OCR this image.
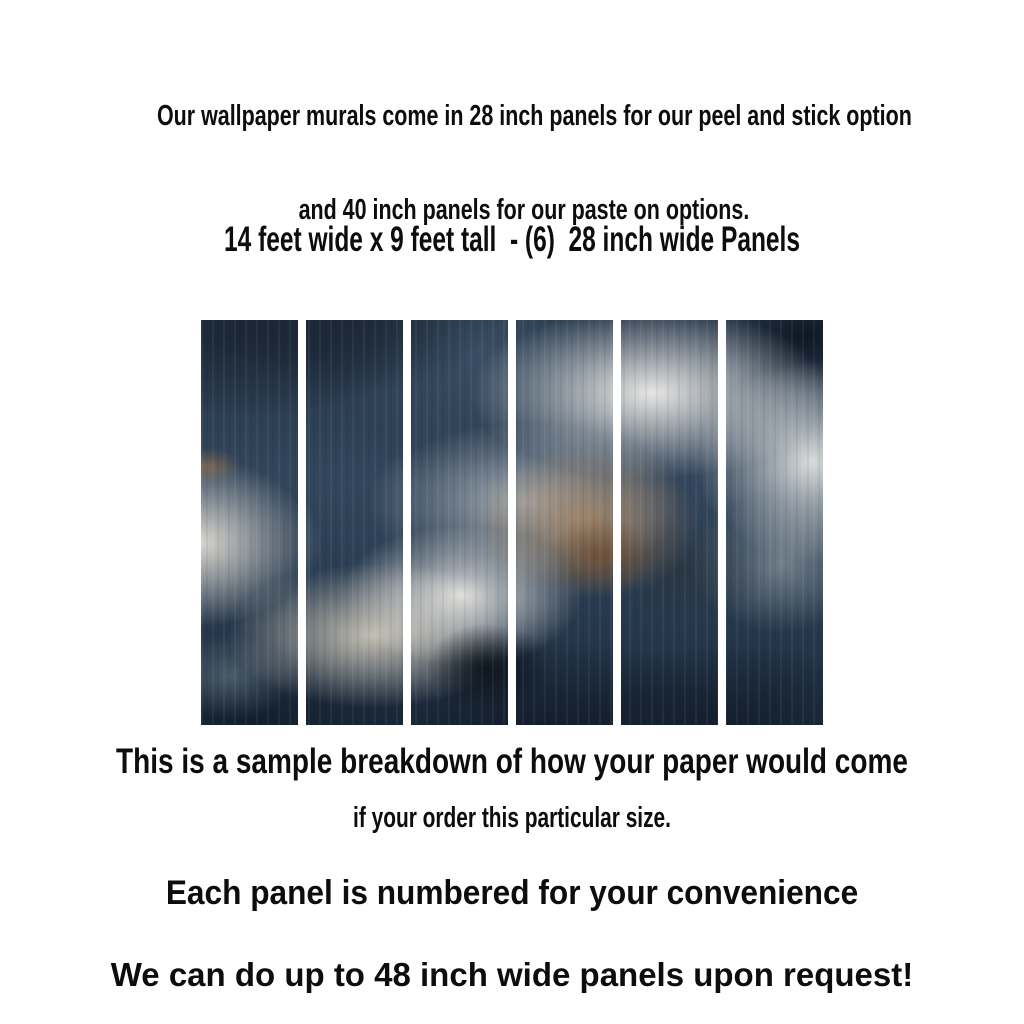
Our wallpaper murals come in 28 inch panels for our peel and stick option

and 40 inch panels for our paste on options.

14 feet wide x 9 feet tall  - (6)  28 inch wide Panels
This is a sample breakdown of how your paper would come
if your order this particular size.
Each panel is numbered for your convenience
We can do up to 48 inch wide panels upon request!
